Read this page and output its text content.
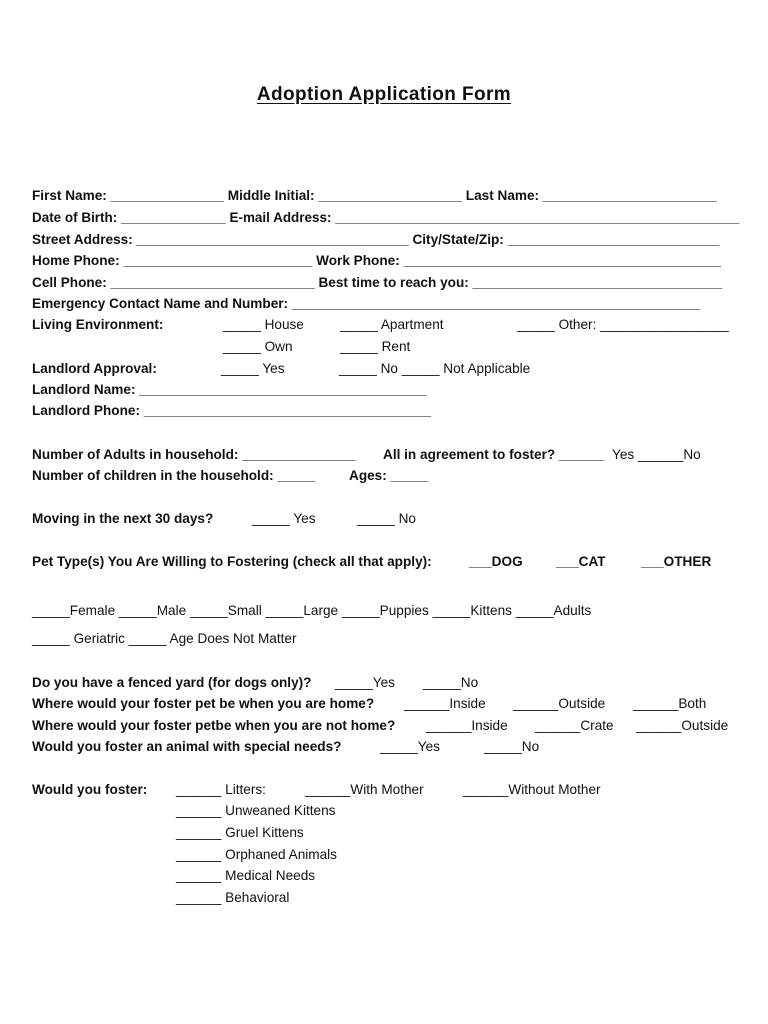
Adoption Application Form
First Name: _______________ Middle Initial: ___________________ Last Name: _______________________
Date of Birth: ______________ E-mail Address: ______________________________________________________
Street Address: ____________________________________ City/State/Zip: ____________________________
Home Phone: _________________________ Work Phone: __________________________________________
Cell Phone: ___________________________ Best time to reach you: _________________________________
Emergency Contact Name and Number: ______________________________________________________
Living Environment:	_____ House	_____ Apartment	_____ Other: _________________
_____ Own	_____ Rent
Landlord Approval:	_____ Yes	_____ No _____ Not Applicable
Landlord Name: ______________________________________
Landlord Phone: ______________________________________
Number of Adults in household: _______________ All in agreement to foster? ______ Yes ______No
Number of children in the household: _____ Ages: _____
Moving in the next 30 days?	_____ Yes	_____ No
Pet Type(s) You Are Willing to Fostering (check all that apply):	___DOG ___CAT	___OTHER
_____Female _____Male _____Small _____Large _____Puppies _____Kittens _____Adults
_____ Geriatric _____ Age Does Not Matter
Do you have a fenced yard (for dogs only)? _____Yes _____No
Where would your foster pet be when you are home? ______Inside ______Outside ______Both
Where would your foster petbe when you are not home? ______Inside ______Crate ______Outside
Would you foster an animal with special needs?	_____Yes	_____No
Would you foster: ______ Litters:	______With Mother	______Without Mother
______ Unweaned Kittens
______ Gruel Kittens
______ Orphaned Animals
______ Medical Needs
______ Behavioral
